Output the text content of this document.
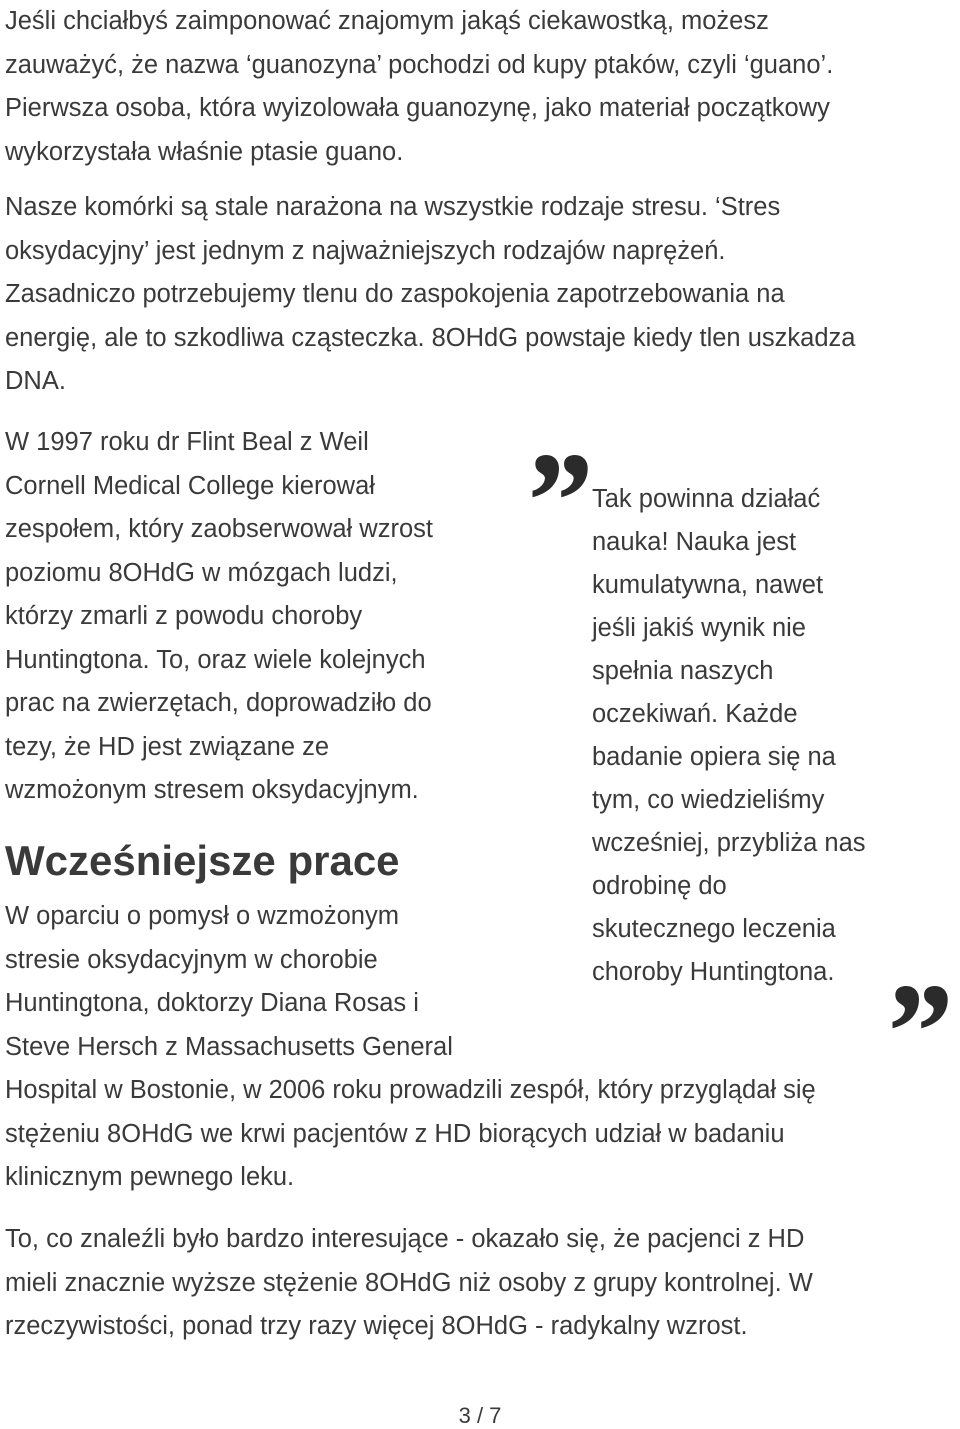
Jeśli chciałbyś zaimponować znajomym jakąś ciekawostką, możesz
zauważyć, że nazwa ‘guanozyna’ pochodzi od kupy ptaków, czyli ‘guano’.
Pierwsza osoba, która wyizolowała guanozynę, jako materiał początkowy
wykorzystała właśnie ptasie guano.
Nasze komórki są stale narażona na wszystkie rodzaje stresu. ‘Stres
oksydacyjny’ jest jednym z najważniejszych rodzajów naprężeń.
Zasadniczo potrzebujemy tlenu do zaspokojenia zapotrzebowania na
energię, ale to szkodliwa cząsteczka. 8OHdG powstaje kiedy tlen uszkadza
DNA.
W 1997 roku dr Flint Beal z Weil
Cornell Medical College kierował
zespołem, który zaobserwował wzrost
poziomu 8OHdG w mózgach ludzi,
którzy zmarli z powodu choroby
Huntingtona. To, oraz wiele kolejnych
prac na zwierzętach, doprowadziło do
tezy, że HD jest związane ze
wzmożonym stresem oksydacyjnym.
Wcześniejsze prace
W oparciu o pomysł o wzmożonym
stresie oksydacyjnym w chorobie
Huntingtona, doktorzy Diana Rosas i
Steve Hersch z Massachusetts General
Hospital w Bostonie, w 2006 roku prowadzili zespół, który przyglądał się
stężeniu 8OHdG we krwi pacjentów z HD biorących udział w badaniu
klinicznym pewnego leku.
To, co znaleźli było bardzo interesujące - okazało się, że pacjenci z HD
mieli znacznie wyższe stężenie 8OHdG niż osoby z grupy kontrolnej. W
rzeczywistości, ponad trzy razy więcej 8OHdG - radykalny wzrost.
” Tak powinna działać
nauka! Nauka jest
kumulatywna, nawet
jeśli jakiś wynik nie
spełnia naszych
oczekiwań. Każde
badanie opiera się na
tym, co wiedzieliśmy
wcześniej, przybliża nas
odrobinę do
skutecznego leczenia
choroby Huntingtona. ”
3 / 7
